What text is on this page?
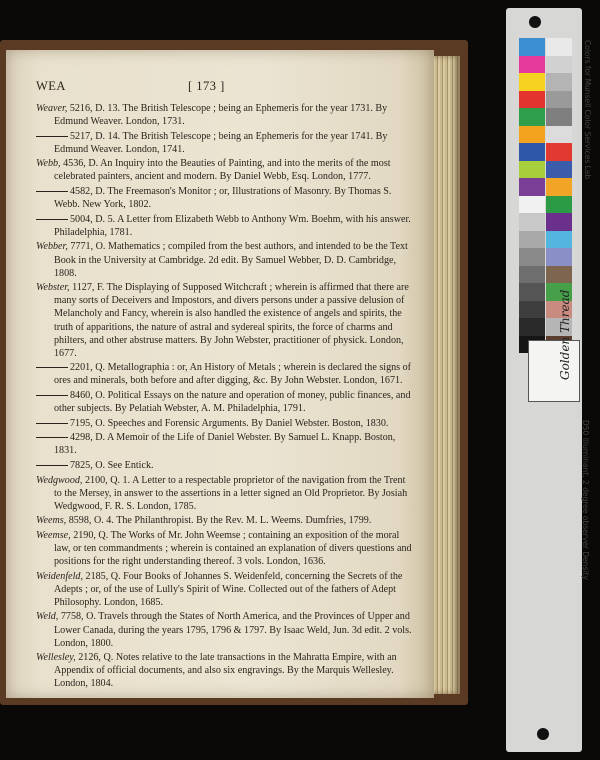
WEA	[ 173 ]
Weaver, 5216, D. 13. The British Telescope ; being an Ephemeris for the year 1731. By Edmund Weaver. London, 1731.
5217, D. 14. The British Telescope ; being an Ephemeris for the year 1741. By Edmund Weaver. London, 1741.
Webb, 4536, D. An Inquiry into the Beauties of Painting, and into the merits of the most celebrated painters, ancient and modern. By Daniel Webb, Esq. London, 1777.
4582, D. The Freemason's Monitor ; or, Illustrations of Masonry. By Thomas S. Webb. New York, 1802.
5004, D. 5. A Letter from Elizabeth Webb to Anthony Wm. Boehm, with his answer. Philadelphia, 1781.
Webber, 7771, O. Mathematics ; compiled from the best authors, and intended to be the Text Book in the University at Cambridge. 2d edit. By Samuel Webber, D. D. Cambridge, 1808.
Webster, 1127, F. The Displaying of Supposed Witchcraft ; wherein is affirmed that there are many sorts of Deceivers and Impostors, and divers persons under a passive delusion of Melancholy and Fancy, wherein is also handled the existence of angels and spirits, the truth of apparitions, the nature of astral and sydereal spirits, the force of charms and philters, and other abstruse matters. By John Webster, practitioner of physick. London, 1677.
2201, Q. Metallographia : or, An History of Metals ; wherein is declared the signs of ores and minerals, both before and after digging, &c. By John Webster. London, 1671.
8460, O. Political Essays on the nature and operation of money, public finances, and other subjects. By Pelatiah Webster, A. M. Philadelphia, 1791.
7195, O. Speeches and Forensic Arguments. By Daniel Webster. Boston, 1830.
4298, D. A Memoir of the Life of Daniel Webster. By Samuel L. Knapp. Boston, 1831.
7825, O. See Entick.
Wedgwood, 2100, Q. 1. A Letter to a respectable proprietor of the navigation from the Trent to the Mersey, in answer to the assertions in a letter signed an Old Proprietor. By Josiah Wedgwood, F. R. S. London, 1785.
Weems, 8598, O. 4. The Philanthropist. By the Rev. M. L. Weems. Dumfries, 1799.
Weemse, 2190, Q. The Works of Mr. John Weemse ; containing an exposition of the moral law, or ten commandments ; wherein is contained an explanation of divers questions and positions for the right understanding thereof. 3 vols. London, 1636.
Weidenfeld, 2185, Q. Four Books of Johannes S. Weidenfeld, concerning the Secrets of the Adepts ; or, of the use of Lully's Spirit of Wine. Collected out of the fathers of Adept Philosophy. London, 1685.
Weld, 7758, O. Travels through the States of North America, and the Provinces of Upper and Lower Canada, during the years 1795, 1796 & 1797. By Isaac Weld, Jun. 3d edit. 2 vols. London, 1800.
Wellesley, 2126, Q. Notes relative to the late transactions in the Mahratta Empire, with an Appendix of official documents, and also six engravings. By the Marquis Wellesley. London, 1804.
Golden Thread
Colors for Munsell Color Services Lab
D50 Illuminant, 2 degree observer Density
